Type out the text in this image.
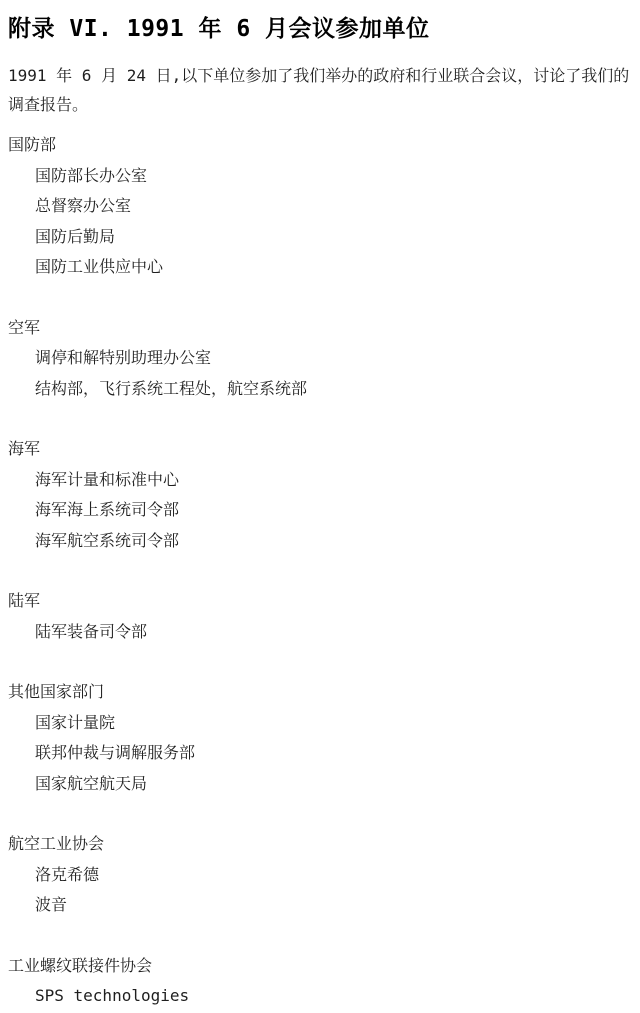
附录 VI. 1991 年 6 月会议参加单位

1991 年 6 月 24 日,以下单位参加了我们举办的政府和行业联合会议，讨论了我们的调查报告。

国防部
国防部长办公室
总督察办公室
国防后勤局
国防工业供应中心
空军
调停和解特别助理办公室
结构部，飞行系统工程处，航空系统部
海军
海军计量和标准中心
海军海上系统司令部
海军航空系统司令部
陆军
陆军装备司令部
其他国家部门
国家计量院
联邦仲裁与调解服务部
国家航空航天局
航空工业协会
洛克希德
波音
工业螺纹联接件协会
SPS technologies
